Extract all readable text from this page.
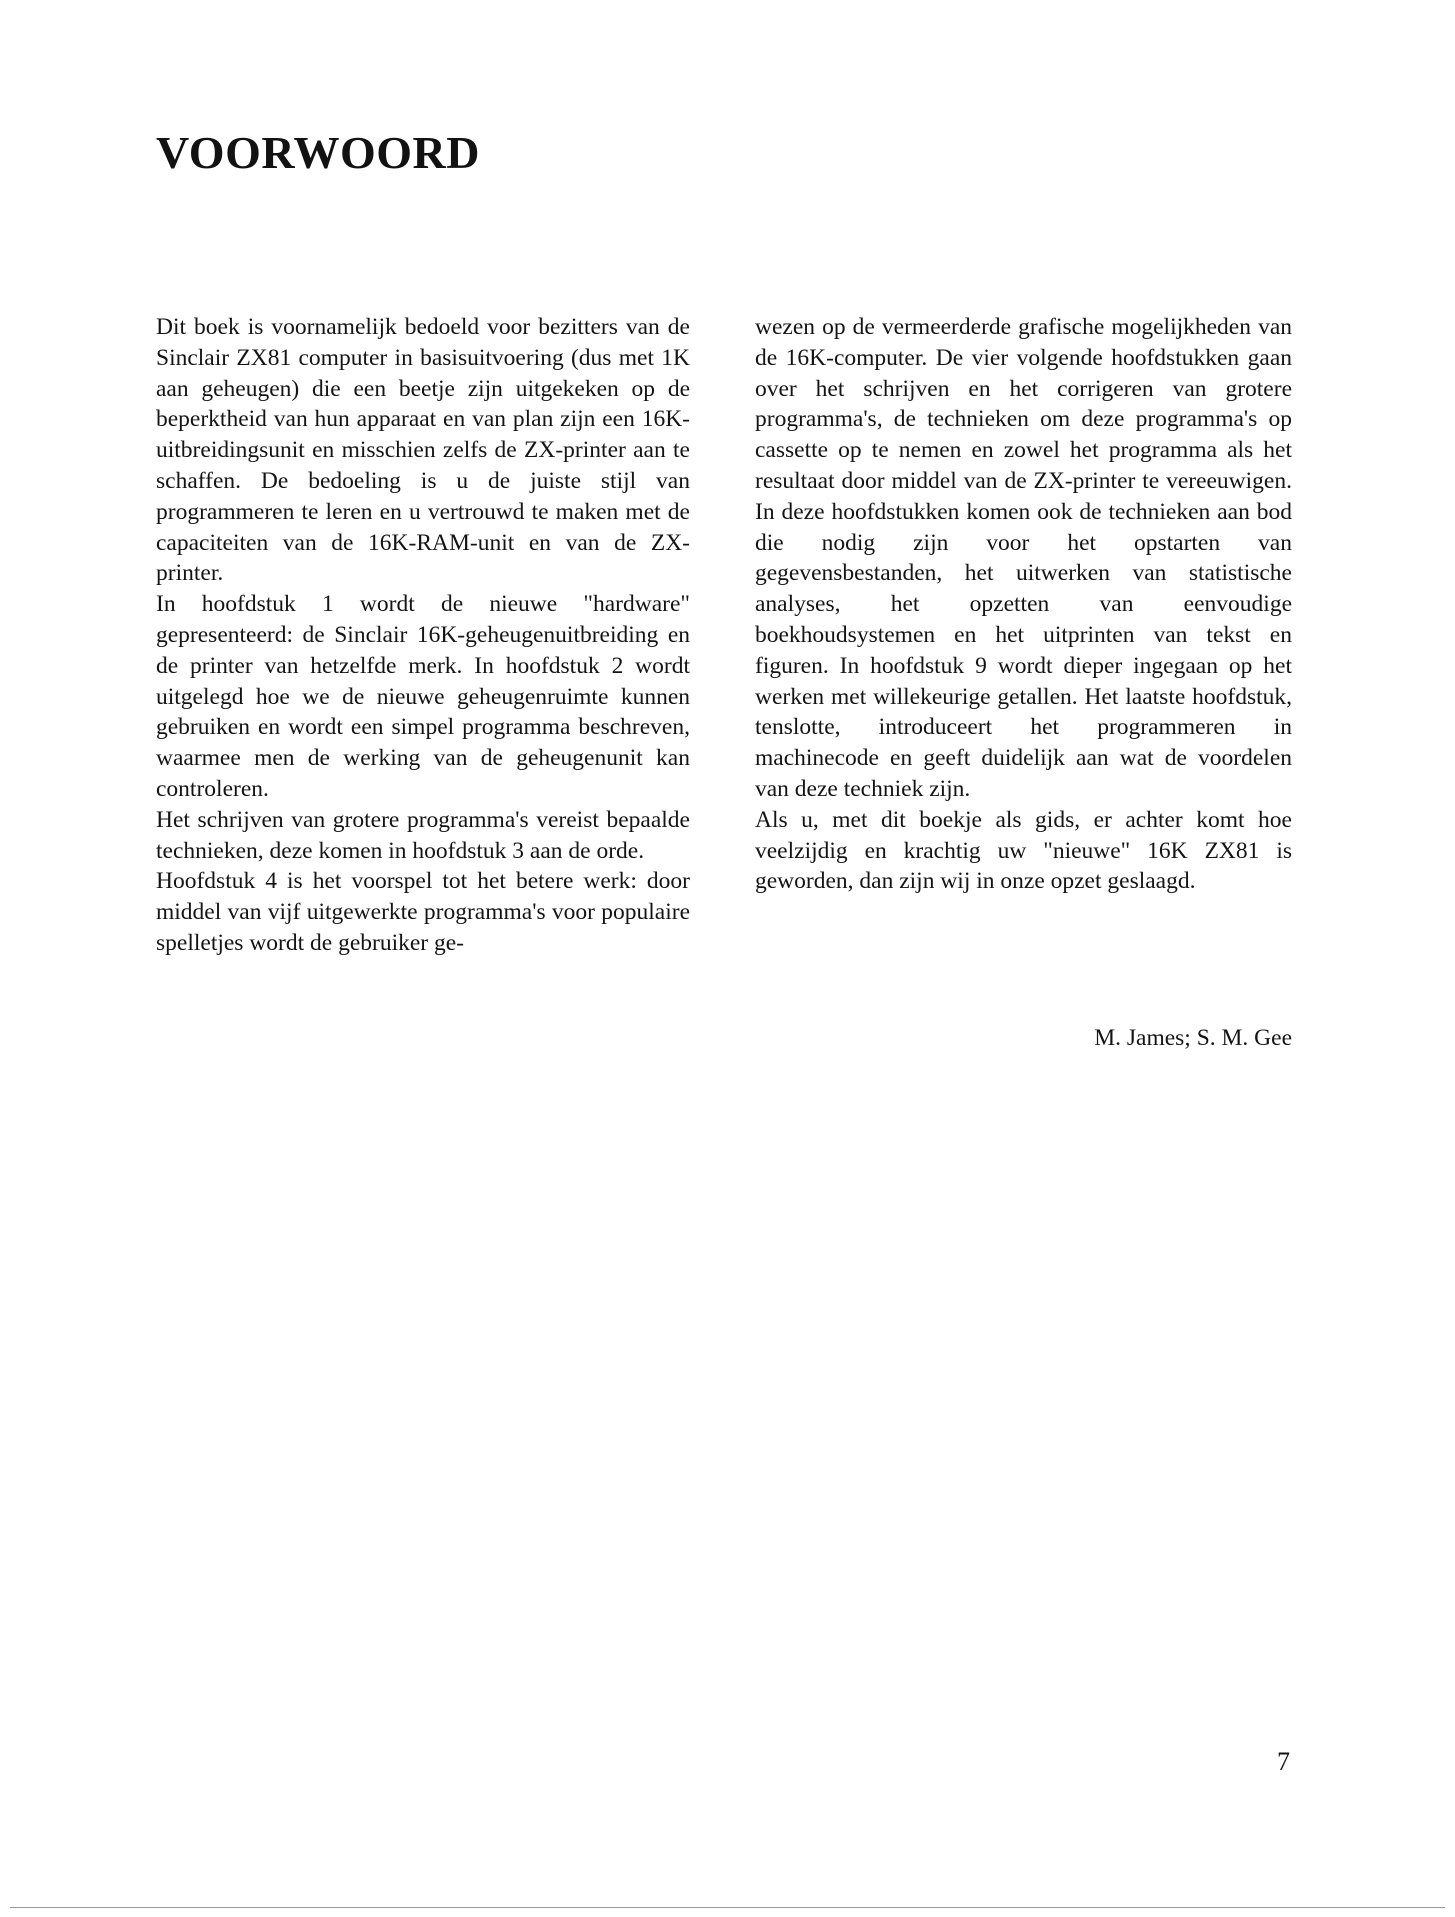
VOORWOORD

Dit boek is voornamelijk bedoeld voor bezitters van de Sinclair ZX81 computer in basisuitvoering (dus met 1K aan geheugen) die een beetje zijn uitgekeken op de beperktheid van hun apparaat en van plan zijn een 16K-uitbreidingsunit en misschien zelfs de ZX-printer aan te schaffen. De bedoeling is u de juiste stijl van programmeren te leren en u vertrouwd te maken met de capaciteiten van de 16K-RAM-unit en van de ZX-printer.

In hoofdstuk 1 wordt de nieuwe "hardware" gepresenteerd: de Sinclair 16K-geheugenuitbreiding en de printer van hetzelfde merk. In hoofdstuk 2 wordt uitgelegd hoe we de nieuwe geheugenruimte kunnen gebruiken en wordt een simpel programma beschreven, waarmee men de werking van de geheugenunit kan controleren.

Het schrijven van grotere programma's vereist bepaalde technieken, deze komen in hoofdstuk 3 aan de orde.

Hoofdstuk 4 is het voorspel tot het betere werk: door middel van vijf uitgewerkte programma's voor populaire spelletjes wordt de gebruiker ge-

wezen op de vermeerderde grafische mogelijkheden van de 16K-computer. De vier volgende hoofdstukken gaan over het schrijven en het corrigeren van grotere programma's, de technieken om deze programma's op cassette op te nemen en zowel het programma als het resultaat door middel van de ZX-printer te vereeuwigen. In deze hoofdstukken komen ook de technieken aan bod die nodig zijn voor het opstarten van gegevensbestanden, het uitwerken van statistische analyses, het opzetten van eenvoudige boekhoudsystemen en het uitprinten van tekst en figuren. In hoofdstuk 9 wordt dieper ingegaan op het werken met willekeurige getallen. Het laatste hoofdstuk, tenslotte, introduceert het programmeren in machinecode en geeft duidelijk aan wat de voordelen van deze techniek zijn.

Als u, met dit boekje als gids, er achter komt hoe veelzijdig en krachtig uw "nieuwe" 16K ZX81 is geworden, dan zijn wij in onze opzet geslaagd.

M. James; S. M. Gee
7
